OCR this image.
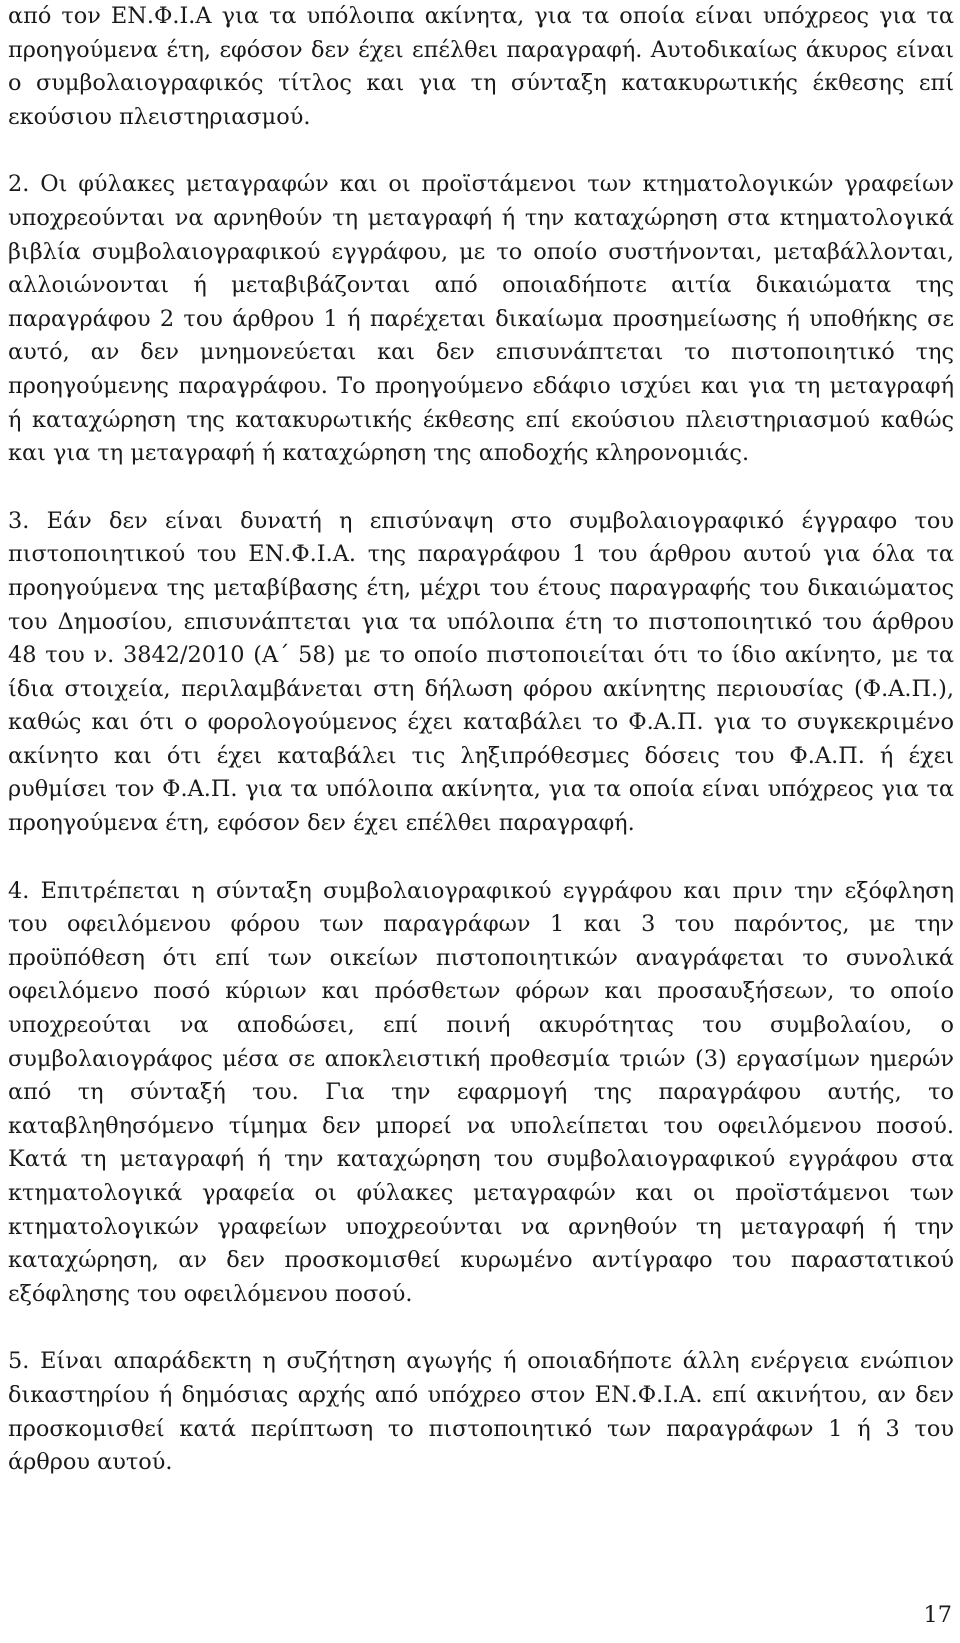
από τον ΕΝ.Φ.Ι.Α για τα υπόλοιπα ακίνητα, για τα οποία είναι υπόχρεος για τα προηγούμενα έτη, εφόσον δεν έχει επέλθει παραγραφή. Αυτοδικαίως άκυρος είναι ο συμβολαιογραφικός τίτλος και για τη σύνταξη κατακυρωτικής έκθεσης επί εκούσιου πλειστηριασμού.

2. Οι φύλακες μεταγραφών και οι προϊστάμενοι των κτηματολογικών γραφείων υποχρεούνται να αρνηθούν τη μεταγραφή ή την καταχώρηση στα κτηματολογικά βιβλία συμβολαιογραφικού εγγράφου, με το οποίο συστήνονται, μεταβάλλονται, αλλοιώνονται ή μεταβιβάζονται από οποιαδήποτε αιτία δικαιώματα της παραγράφου 2 του άρθρου 1 ή παρέχεται δικαίωμα προσημείωσης ή υποθήκης σε αυτό, αν δεν μνημονεύεται και δεν επισυνάπτεται το πιστοποιητικό της προηγούμενης παραγράφου. Το προηγούμενο εδάφιο ισχύει και για τη μεταγραφή ή καταχώρηση της κατακυρωτικής έκθεσης επί εκούσιου πλειστηριασμού καθώς και για τη μεταγραφή ή καταχώρηση της αποδοχής κληρονομιάς.

3. Εάν δεν είναι δυνατή η επισύναψη στο συμβολαιογραφικό έγγραφο του πιστοποιητικού του ΕΝ.Φ.Ι.Α. της παραγράφου 1 του άρθρου αυτού για όλα τα προηγούμενα της μεταβίβασης έτη, μέχρι του έτους παραγραφής του δικαιώματος του Δημοσίου, επισυνάπτεται για τα υπόλοιπα έτη το πιστοποιητικό του άρθρου 48 του ν. 3842/2010 (Α΄ 58) με το οποίο πιστοποιείται ότι το ίδιο ακίνητο, με τα ίδια στοιχεία, περιλαμβάνεται στη δήλωση φόρου ακίνητης περιουσίας (Φ.Α.Π.), καθώς και ότι ο φορολογούμενος έχει καταβάλει το Φ.Α.Π. για το συγκεκριμένο ακίνητο και ότι έχει καταβάλει τις ληξιπρόθεσμες δόσεις του Φ.Α.Π. ή έχει ρυθμίσει τον Φ.Α.Π. για τα υπόλοιπα ακίνητα, για τα οποία είναι υπόχρεος για τα προηγούμενα έτη, εφόσον δεν έχει επέλθει παραγραφή.

4. Επιτρέπεται η σύνταξη συμβολαιογραφικού εγγράφου και πριν την εξόφληση του οφειλόμενου φόρου των παραγράφων 1 και 3 του παρόντος, με την προϋπόθεση ότι επί των οικείων πιστοποιητικών αναγράφεται το συνολικά οφειλόμενο ποσό κύριων και πρόσθετων φόρων και προσαυξήσεων, το οποίο υποχρεούται να αποδώσει, επί ποινή ακυρότητας του συμβολαίου, ο συμβολαιογράφος μέσα σε αποκλειστική προθεσμία τριών (3) εργασίμων ημερών από τη σύνταξή του. Για την εφαρμογή της παραγράφου αυτής, το καταβληθησόμενο τίμημα δεν μπορεί να υπολείπεται του οφειλόμενου ποσού. Κατά τη μεταγραφή ή την καταχώρηση του συμβολαιογραφικού εγγράφου στα κτηματολογικά γραφεία οι φύλακες μεταγραφών και οι προϊστάμενοι των κτηματολογικών γραφείων υποχρεούνται να αρνηθούν τη μεταγραφή ή την καταχώρηση, αν δεν προσκομισθεί κυρωμένο αντίγραφο του παραστατικού εξόφλησης του οφειλόμενου ποσού.

5. Είναι απαράδεκτη η συζήτηση αγωγής ή οποιαδήποτε άλλη ενέργεια ενώπιον δικαστηρίου ή δημόσιας αρχής από υπόχρεο στον ΕΝ.Φ.Ι.Α. επί ακινήτου, αν δεν προσκομισθεί κατά περίπτωση το πιστοποιητικό των παραγράφων 1 ή 3 του άρθρου αυτού.

17
